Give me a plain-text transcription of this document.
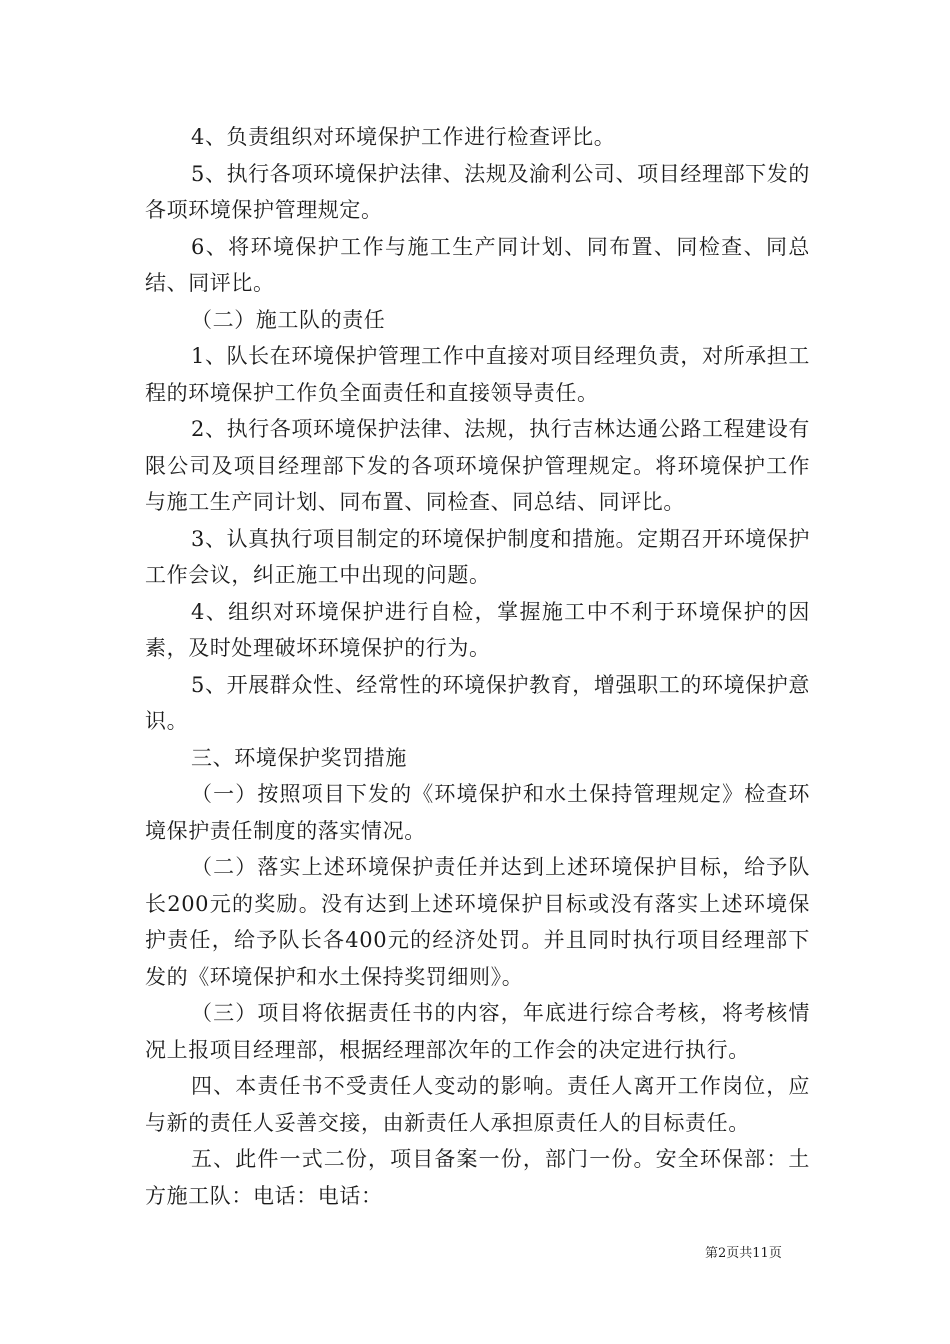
4、负责组织对环境保护工作进行检查评比。

5、执行各项环境保护法律、法规及渝利公司、项目经理部下发的各项环境保护管理规定。

6、将环境保护工作与施工生产同计划、同布置、同检查、同总结、同评比。

（二）施工队的责任

1、队长在环境保护管理工作中直接对项目经理负责，对所承担工程的环境保护工作负全面责任和直接领导责任。

2、执行各项环境保护法律、法规，执行吉林达通公路工程建设有限公司及项目经理部下发的各项环境保护管理规定。将环境保护工作与施工生产同计划、同布置、同检查、同总结、同评比。

3、认真执行项目制定的环境保护制度和措施。定期召开环境保护工作会议，纠正施工中出现的问题。

4、组织对环境保护进行自检，掌握施工中不利于环境保护的因素，及时处理破坏环境保护的行为。

5、开展群众性、经常性的环境保护教育，增强职工的环境保护意识。

三、环境保护奖罚措施

（一）按照项目下发的《环境保护和水土保持管理规定》检查环境保护责任制度的落实情况。

（二）落实上述环境保护责任并达到上述环境保护目标，给予队长200元的奖励。没有达到上述环境保护目标或没有落实上述环境保护责任，给予队长各400元的经济处罚。并且同时执行项目经理部下发的《环境保护和水土保持奖罚细则》。

（三）项目将依据责任书的内容，年底进行综合考核，将考核情况上报项目经理部，根据经理部次年的工作会的决定进行执行。

四、本责任书不受责任人变动的影响。责任人离开工作岗位，应与新的责任人妥善交接，由新责任人承担原责任人的目标责任。

五、此件一式二份，项目备案一份，部门一份。安全环保部：土方施工队：电话：电话：

第2页共11页
